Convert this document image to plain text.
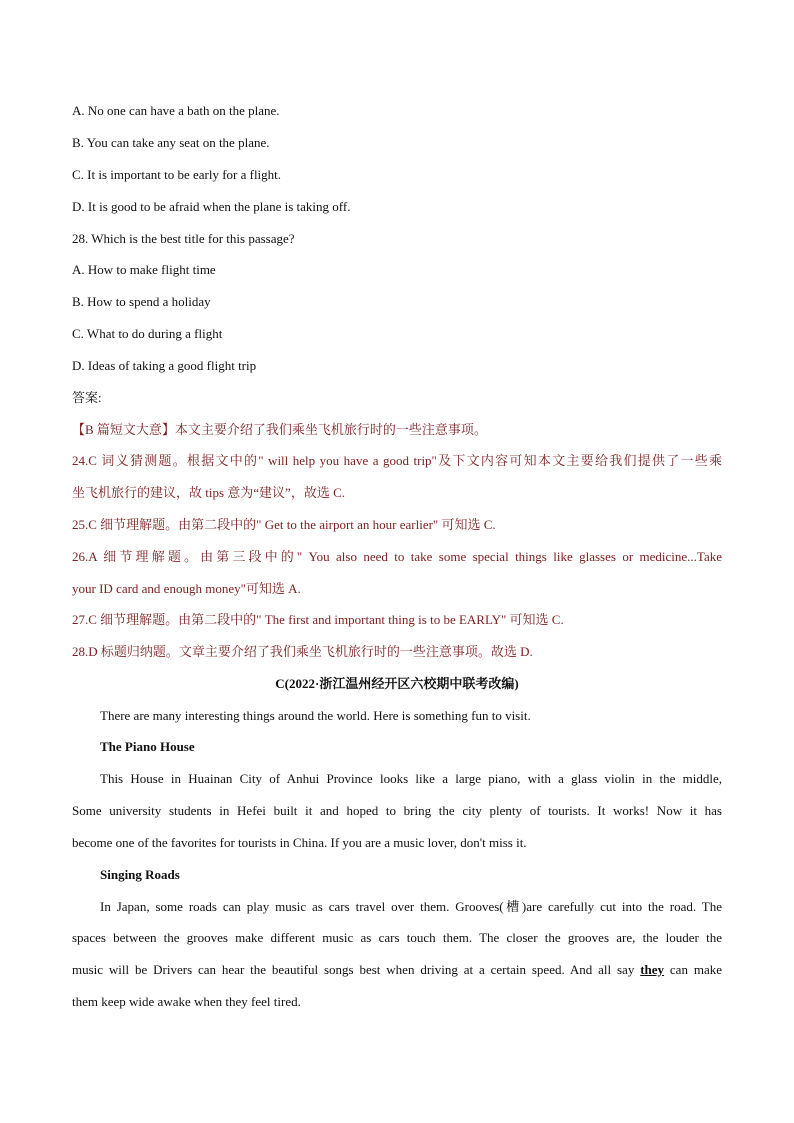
A. No one can have a bath on the plane.
B. You can take any seat on the plane.
C. It is important to be early for a flight.
D. It is good to be afraid when the plane is taking off.
28. Which is the best title for this passage?
A. How to make flight time
B. How to spend a holiday
C. What to do during a flight
D. Ideas of taking a good flight trip
答案:
【B 篇短文大意】本文主要介绍了我们乘坐飞机旅行时的一些注意事项。
24.C 词义猜测题。根据文中的" will help you have a good trip"及下文内容可知本文主要给我们提供了一些乘
坐飞机旅行的建议，故 tips 意为“建议”，故选 C.
25.C 细节理解题。由第二段中的" Get to the airport an hour earlier" 可知选 C.
26.A 细节理解题。由第三段中的" You also need to take some special things like glasses or medicine...Take
your ID card and enough money"可知选 A.
27.C 细节理解题。由第二段中的" The first and important thing is to be EARLY" 可知选 C.
28.D 标题归纳题。文章主要介绍了我们乘坐飞机旅行时的一些注意事项。故选 D.
C(2022·浙江温州经开区六校期中联考改编)
There are many interesting things around the world. Here is something fun to visit.
The Piano House
This House in Huainan City of Anhui Province looks like a large piano, with a glass violin in the middle,
Some university students in Hefei built it and hoped to bring the city plenty of tourists. It works! Now it has
become one of the favorites for tourists in China. If you are a music lover, don't miss it.
Singing Roads
In Japan, some roads can play music as cars travel over them. Grooves(槽)are carefully cut into the road. The
spaces between the grooves make different music as cars touch them. The closer the grooves are, the louder the
music will be Drivers can hear the beautiful songs best when driving at a certain speed. And all say they can make
them keep wide awake when they feel tired.
